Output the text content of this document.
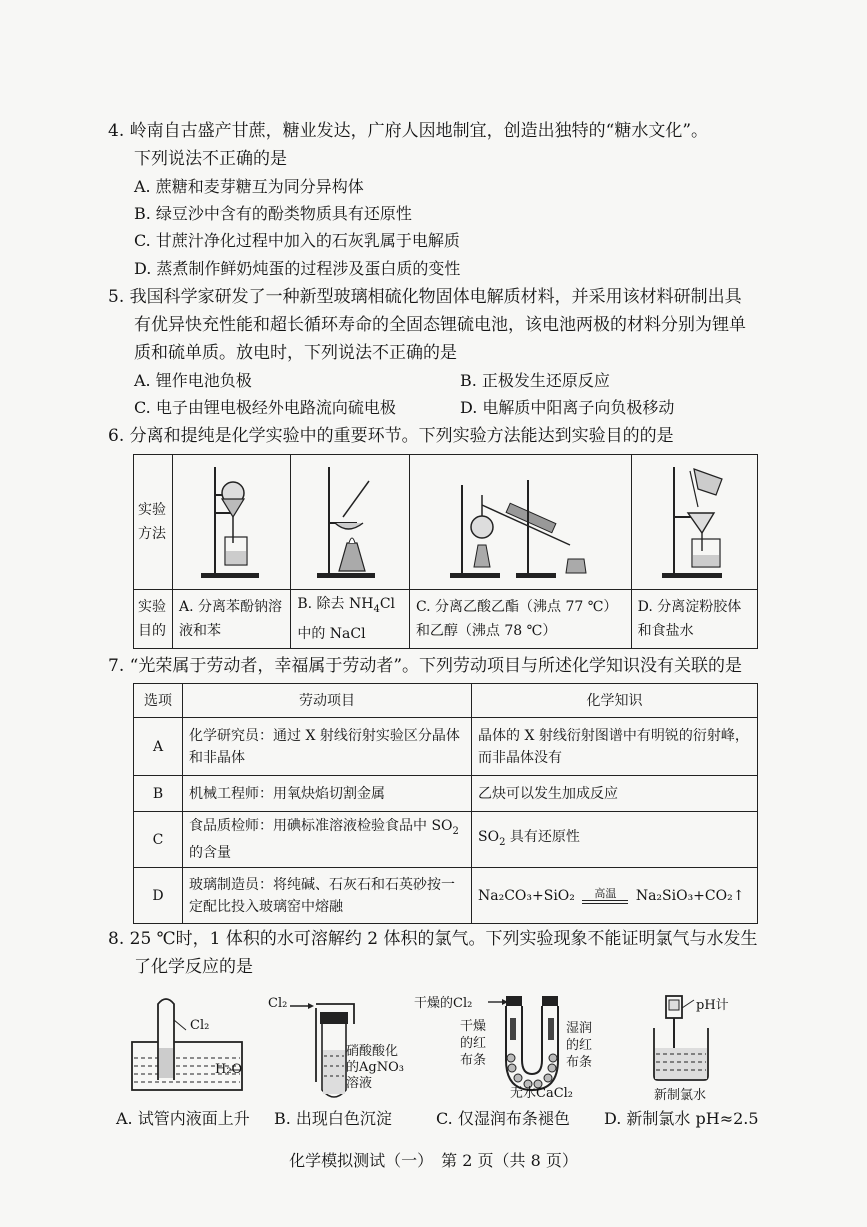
4. 岭南自古盛产甘蔗，糖业发达，广府人因地制宜，创造出独特的“糖水文化”。
下列说法不正确的是
A. 蔗糖和麦芽糖互为同分异构体
B. 绿豆沙中含有的酚类物质具有还原性
C. 甘蔗汁净化过程中加入的石灰乳属于电解质
D. 蒸煮制作鲜奶炖蛋的过程涉及蛋白质的变性
5. 我国科学家研发了一种新型玻璃相硫化物固体电解质材料，并采用该材料研制出具
有优异快充性能和超长循环寿命的全固态锂硫电池，该电池两极的材料分别为锂单
质和硫单质。放电时，下列说法不正确的是
A. 锂作电池负极	B. 正极发生还原反应
C. 电子由锂电极经外电路流向硫电极	D. 电解质中阳离子向负极移动
6. 分离和提纯是化学实验中的重要环节。下列实验方法能达到实验目的的是
实验方法	

实验目的	A. 分离苯酚钠溶液和苯	B. 除去 $NH_4Cl$ 中的 NaCl	C. 分离乙酸乙酯（沸点 77 ℃）和乙醇（沸点 78 ℃）	D. 分离淀粉胶体和食盐水
7. “光荣属于劳动者，幸福属于劳动者”。下列劳动项目与所述化学知识没有关联的是
选项	劳动项目	化学知识
A	化学研究员：通过 X 射线衍射实验区分晶体和非晶体	晶体的 X 射线衍射图谱中有明锐的衍射峰，而非晶体没有
B	机械工程师：用氧炔焰切割金属	乙炔可以发生加成反应
C	食品质检师：用碘标准溶液检验食品中 $SO_2$ 的含量	$SO_2$ 具有还原性
D	玻璃制造员：将纯碱、石灰石和石英砂按一定配比投入玻璃窑中熔融	Na₂CO₃+SiO₂ 高温 Na₂SiO₃+CO₂↑
8. 25 ℃时，1 体积的水可溶解约 2 体积的氯气。下列实验现象不能证明氯气与水发生
了化学反应的是
Cl₂
H₂O
Cl₂
硝酸酸化
的AgNO₃
溶液
干燥的Cl₂
干燥
的红
布条
湿润
的红
布条
无水CaCl₂
pH计
新制氯水
A. 试管内液面上升 B. 出现白色沉淀	C. 仅湿润布条褪色 D. 新制氯水 pH≈2.5
化学模拟测试（一）　第 2 页（共 8 页）
